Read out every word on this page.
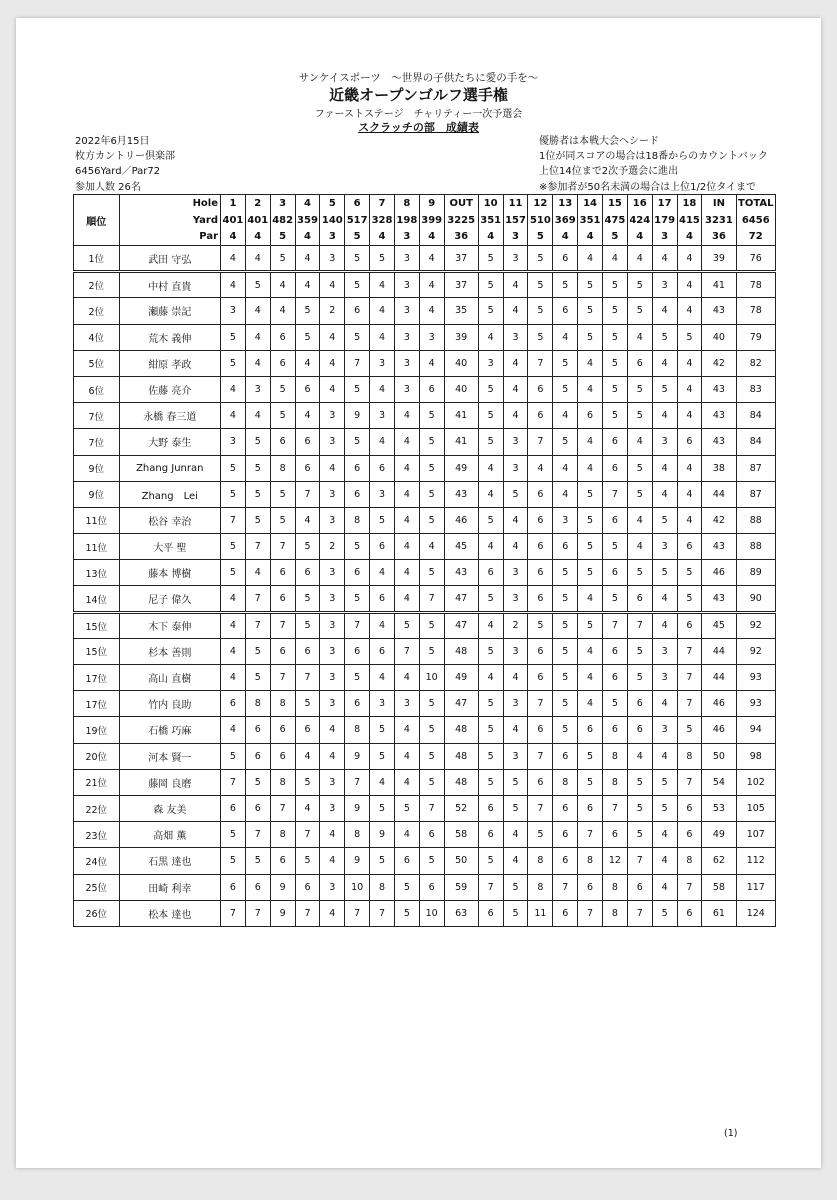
サンケイスポーツ　～世界の子供たちに愛の手を～
近畿オープンゴルフ選手権
ファーストステージ　チャリティー一次予選会
スクラッチの部　成績表
2022年6月15日
枚方カントリー倶楽部
6456Yard／Par72
参加人数 26名
優勝者は本戦大会へシード
1位が同スコアの場合は18番からのカウントバック
上位14位まで2次予選会に進出
※参加者が50名未満の場合は上位1/2位タイまで
順位	Hole	1	2	3	4	5	6	7	8	9	OUT	10	11	12	13	14	15	16	17	18	IN	TOTAL
	Yard	401	401	482	359	140	517	328	198	399	3225	351	157	510	369	351	475	424	179	415	3231	6456
	Par	4	4	5	4	3	5	4	3	4	36	4	3	5	4	4	5	4	3	4	36	72
1位	武田 守弘	4	4	5	4	3	5	5	3	4	37	5	3	5	6	4	4	4	4	4	39	76
2位	中村 直貴	4	5	4	4	4	5	4	3	4	37	5	4	5	5	5	5	5	3	4	41	78
2位	瀬藤 崇記	3	4	4	5	2	6	4	3	4	35	5	4	5	6	5	5	5	4	4	43	78
4位	荒木 義伸	5	4	6	5	4	5	4	3	3	39	4	3	5	4	5	5	4	5	5	40	79
5位	紺原 孝政	5	4	6	4	4	7	3	3	4	40	3	4	7	5	4	5	6	4	4	42	82
6位	佐藤 亮介	4	3	5	6	4	5	4	3	6	40	5	4	6	5	4	5	5	5	4	43	83
7位	永橋 春三道	4	4	5	4	3	9	3	4	5	41	5	4	6	4	6	5	5	4	4	43	84
7位	大野 泰生	3	5	6	6	3	5	4	4	5	41	5	3	7	5	4	6	4	3	6	43	84
9位	Zhang Junran	5	5	8	6	4	6	6	4	5	49	4	3	4	4	4	6	5	4	4	38	87
9位	Zhang　Lei	5	5	5	7	3	6	3	4	5	43	4	5	6	4	5	7	5	4	4	44	87
11位	松谷 幸治	7	5	5	4	3	8	5	4	5	46	5	4	6	3	5	6	4	5	4	42	88
11位	大平 聖	5	7	7	5	2	5	6	4	4	45	4	4	6	6	5	5	4	3	6	43	88
13位	藤本 博樹	5	4	6	6	3	6	4	4	5	43	6	3	6	5	5	6	5	5	5	46	89
14位	尼子 偉久	4	7	6	5	3	5	6	4	7	47	5	3	6	5	4	5	6	4	5	43	90
15位	木下 泰伸	4	7	7	5	3	7	4	5	5	47	4	2	5	5	5	7	7	4	6	45	92
15位	杉本 善則	4	5	6	6	3	6	6	7	5	48	5	3	6	5	4	6	5	3	7	44	92
17位	高山 直樹	4	5	7	7	3	5	4	4	10	49	4	4	6	5	4	6	5	3	7	44	93
17位	竹内 良助	6	8	8	5	3	6	3	3	5	47	5	3	7	5	4	5	6	4	7	46	93
19位	石橋 巧麻	4	6	6	6	4	8	5	4	5	48	5	4	6	5	6	6	6	3	5	46	94
20位	河本 賢一	5	6	6	4	4	9	5	4	5	48	5	3	7	6	5	8	4	4	8	50	98
21位	藤岡 良磨	7	5	8	5	3	7	4	4	5	48	5	5	6	8	5	8	5	5	7	54	102
22位	森 友美	6	6	7	4	3	9	5	5	7	52	6	5	7	6	6	7	5	5	6	53	105
23位	高畑 薫	5	7	8	7	4	8	9	4	6	58	6	4	5	6	7	6	5	4	6	49	107
24位	石黒 達也	5	5	6	5	4	9	5	6	5	50	5	4	8	6	8	12	7	4	8	62	112
25位	田崎 利幸	6	6	9	6	3	10	8	5	6	59	7	5	8	7	6	8	6	4	7	58	117
26位	松本 達也	7	7	9	7	4	7	7	5	10	63	6	5	11	6	7	8	7	5	6	61	124
(1)
